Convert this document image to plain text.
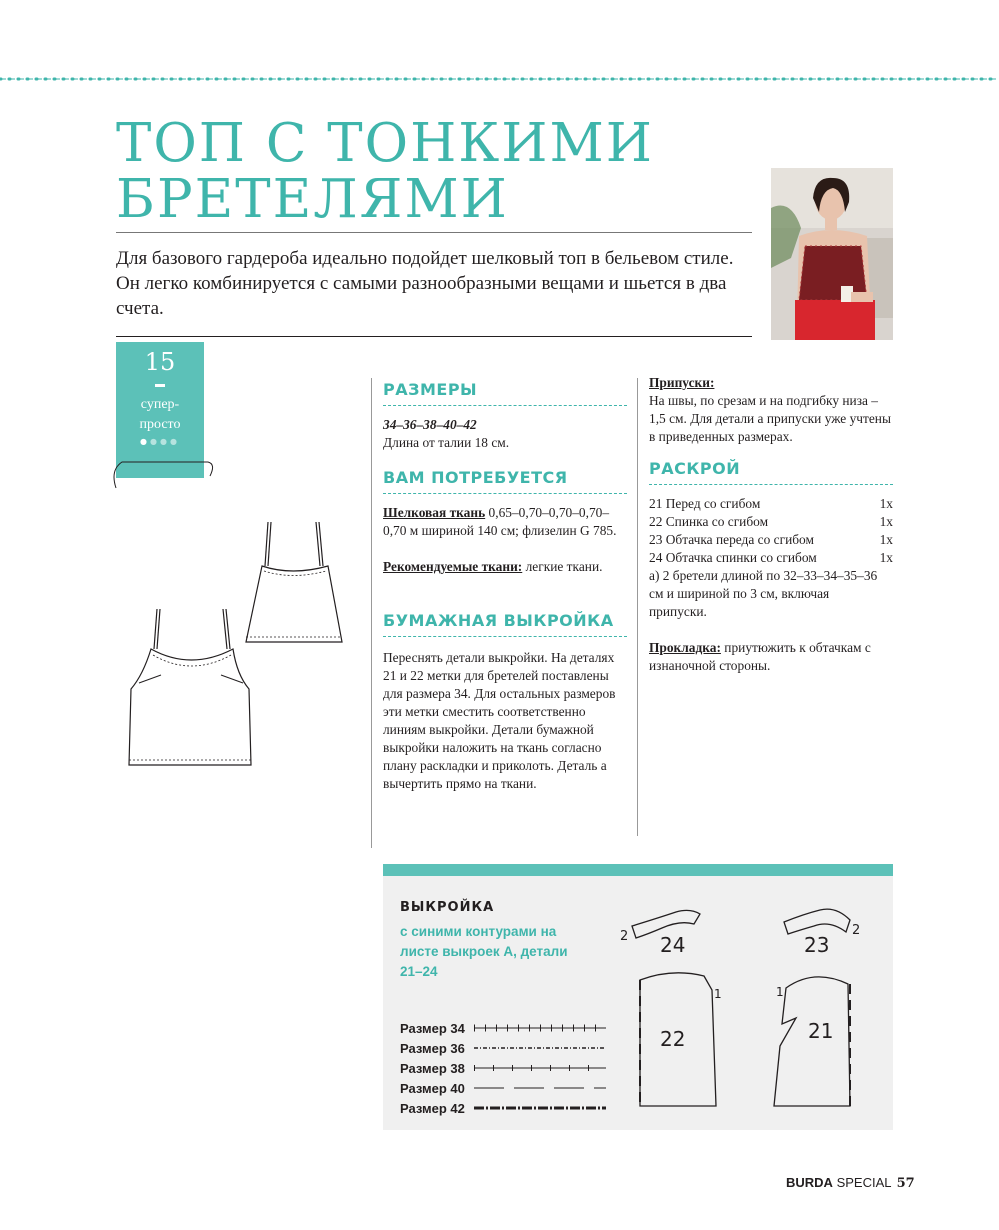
ТОП С ТОНКИМИ БРЕТЕЛЯМИ
Для базового гардероба идеально подойдет шелковый топ в бельевом стиле. Он легко комбинируется с самыми разнообразными вещами и шьется в два счета.
15
супер-просто
●●●●
РАЗМЕРЫ
34–36–38–40–42
Длина от талии 18 см.
ВАМ ПОТРЕБУЕТСЯ
Шелковая ткань 0,65–0,70–0,70–0,70–0,70 м шириной 140 см; флизелин G 785.
Рекомендуемые ткани: легкие ткани.
БУМАЖНАЯ ВЫКРОЙКА
Переснять детали выкройки. На деталях 21 и 22 метки для бретелей поставлены для размера 34. Для остальных размеров эти метки сместить соответственно линиям выкройки. Детали бумажной выкройки наложить на ткань согласно плану раскладки и приколоть. Деталь а вычертить прямо на ткани.
Припуски:
На швы, по срезам и на подгибку низа – 1,5 см. Для детали а припуски уже учтены в приведенных размерах.
РАСКРОЙ
21 Перед со сгибом	1x
22 Спинка со сгибом	1x
23 Обтачка переда со сгибом	1x
24 Обтачка спинки со сгибом	1x
а) 2 бретели длиной по 32–33–34–35–36 см и шириной по 3 см, включая припуски.
Прокладка: приутюжить к обтачкам с изнаночной стороны.
ВЫКРОЙКА
с синими контурами на листе выкроек А, детали 21–24
Размер 34
Размер 36
Размер 38
Размер 40
Размер 42
2 24
2
23
1
22
1
21
BURDA SPECIAL 57
